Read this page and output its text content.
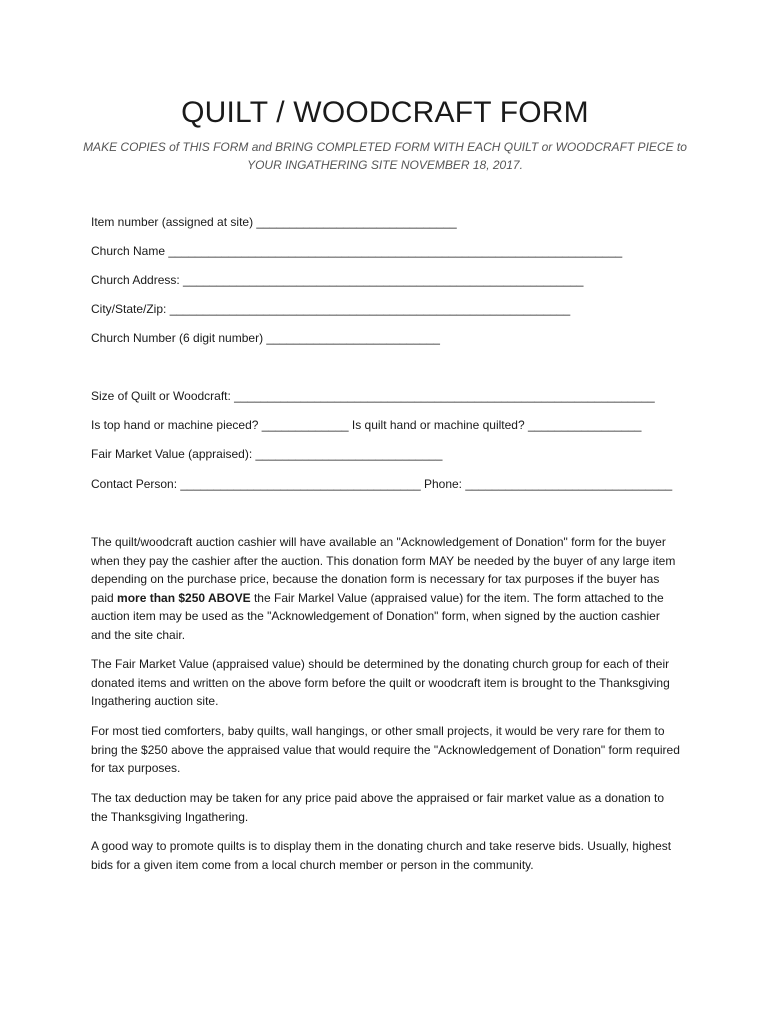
QUILT / WOODCRAFT FORM
MAKE COPIES of THIS FORM and BRING COMPLETED FORM WITH EACH QUILT or WOODCRAFT PIECE to
YOUR INGATHERING SITE NOVEMBER 18, 2017.
Item number (assigned at site) ______________________________
Church Name ____________________________________________________________________
Church Address: ____________________________________________________________
City/State/Zip: ____________________________________________________________
Church Number (6 digit number) __________________________
Size of Quilt or Woodcraft: _______________________________________________________________
Is top hand or machine pieced? _____________ Is quilt hand or machine quilted? _________________
Fair Market Value (appraised): ____________________________
Contact Person: ____________________________________ Phone: _______________________________
The quilt/woodcraft auction cashier will have available an "Acknowledgement of Donation" form for the buyer when they pay the cashier after the auction. This donation form MAY be needed by the buyer of any large item depending on the purchase price, because the donation form is necessary for tax purposes if the buyer has paid more than $250 ABOVE the Fair Markel Value (appraised value) for the item. The form attached to the auction item may be used as the "Acknowledgement of Donation" form, when signed by the auction cashier and the site chair.
The Fair Market Value (appraised value) should be determined by the donating church group for each of their donated items and written on the above form before the quilt or woodcraft item is brought to the Thanksgiving Ingathering auction site.
For most tied comforters, baby quilts, wall hangings, or other small projects, it would be very rare for them to bring the $250 above the appraised value that would require the "Acknowledgement of Donation" form required for tax purposes.
The tax deduction may be taken for any price paid above the appraised or fair market value as a donation to the Thanksgiving Ingathering.
A good way to promote quilts is to display them in the donating church and take reserve bids. Usually, highest bids for a given item come from a local church member or person in the community.
